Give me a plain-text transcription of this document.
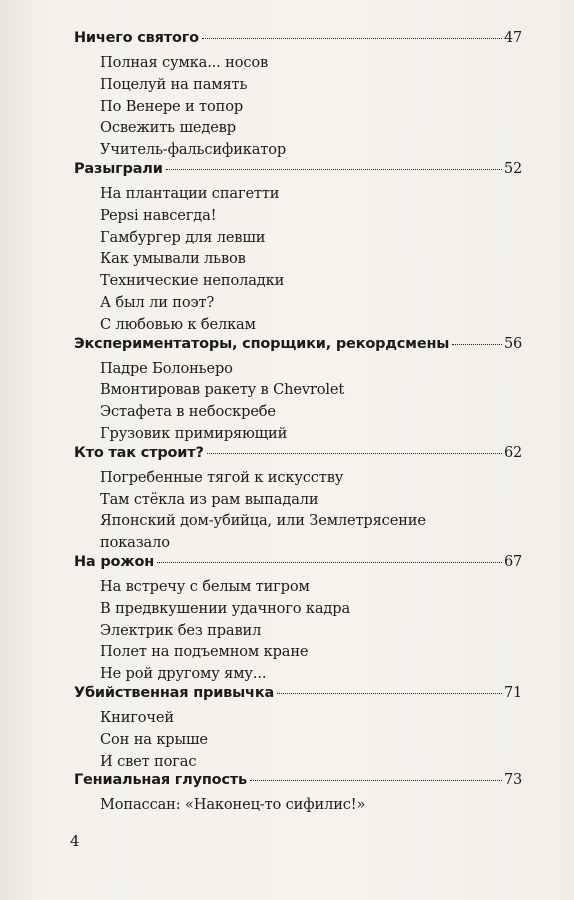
Ничего святого	47
Полная сумка... носов
Поцелуй на память
По Венере и топор
Освежить шедевр
Учитель-фальсификатор
Разыграли	52
На плантации спагетти
Pepsi навсегда!
Гамбургер для левши
Как умывали львов
Технические неполадки
А был ли поэт?
С любовью к белкам
Экспериментаторы, спорщики, рекордсмены	56
Падре Болоньеро
Вмонтировав ракету в Chevrolet
Эстафета в небоскребе
Грузовик примиряющий
Кто так строит?	62
Погребенные тягой к искусству
Там стёкла из рам выпадали
Японский дом-убийца, или Землетрясение
показало
На рожон	67
На встречу с белым тигром
В предвкушении удачного кадра
Электрик без правил
Полет на подъемном кране
Не рой другому яму...
Убийственная привычка	71
Книгочей
Сон на крыше
И свет погас
Гениальная глупость	73
Мопассан: «Наконец-то сифилис!»
4
